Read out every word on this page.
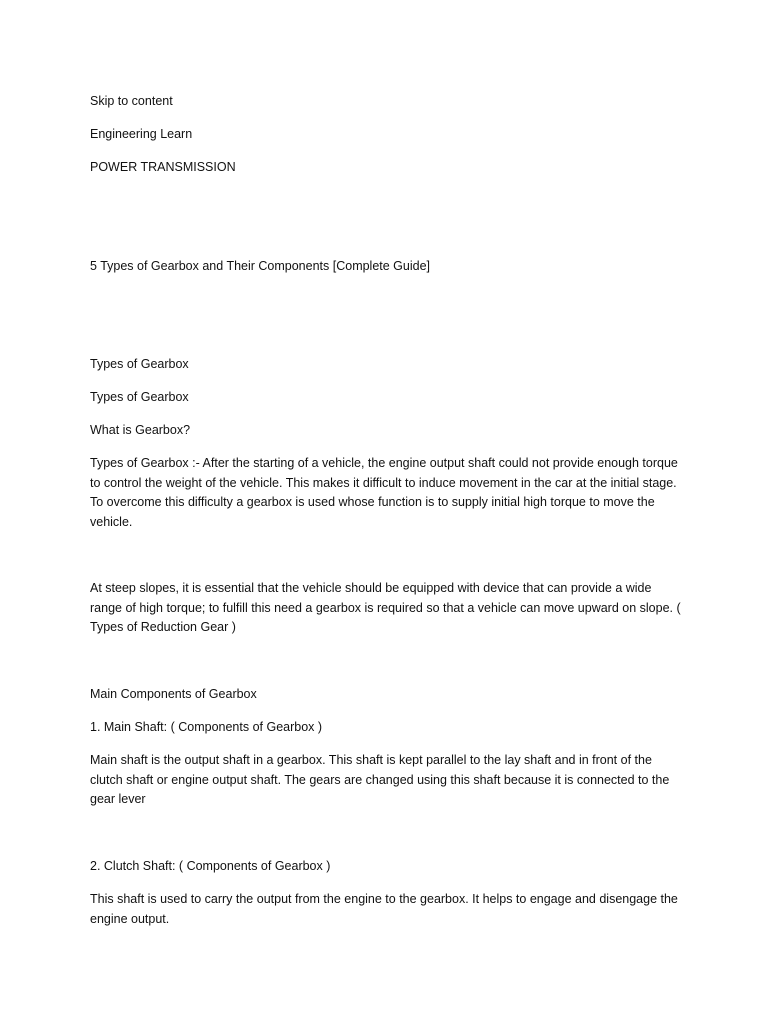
Skip to content
Engineering Learn
POWER TRANSMISSION
5 Types of Gearbox and Their Components [Complete Guide]
Types of Gearbox
Types of Gearbox
What is Gearbox?

Types of Gearbox :- After the starting of a vehicle, the engine output shaft could not provide enough torque to control the weight of the vehicle. This makes it difficult to induce movement in the car at the initial stage. To overcome this difficulty a gearbox is used whose function is to supply initial high torque to move the vehicle.

At steep slopes, it is essential that the vehicle should be equipped with device that can provide a wide range of high torque; to fulfill this need a gearbox is required so that a vehicle can move upward on slope. ( Types of Reduction Gear )

Main Components of Gearbox
1. Main Shaft: ( Components of Gearbox )

Main shaft is the output shaft in a gearbox. This shaft is kept parallel to the lay shaft and in front of the clutch shaft or engine output shaft. The gears are changed using this shaft because it is connected to the gear lever

2. Clutch Shaft: ( Components of Gearbox )

This shaft is used to carry the output from the engine to the gearbox. It helps to engage and disengage the engine output.
